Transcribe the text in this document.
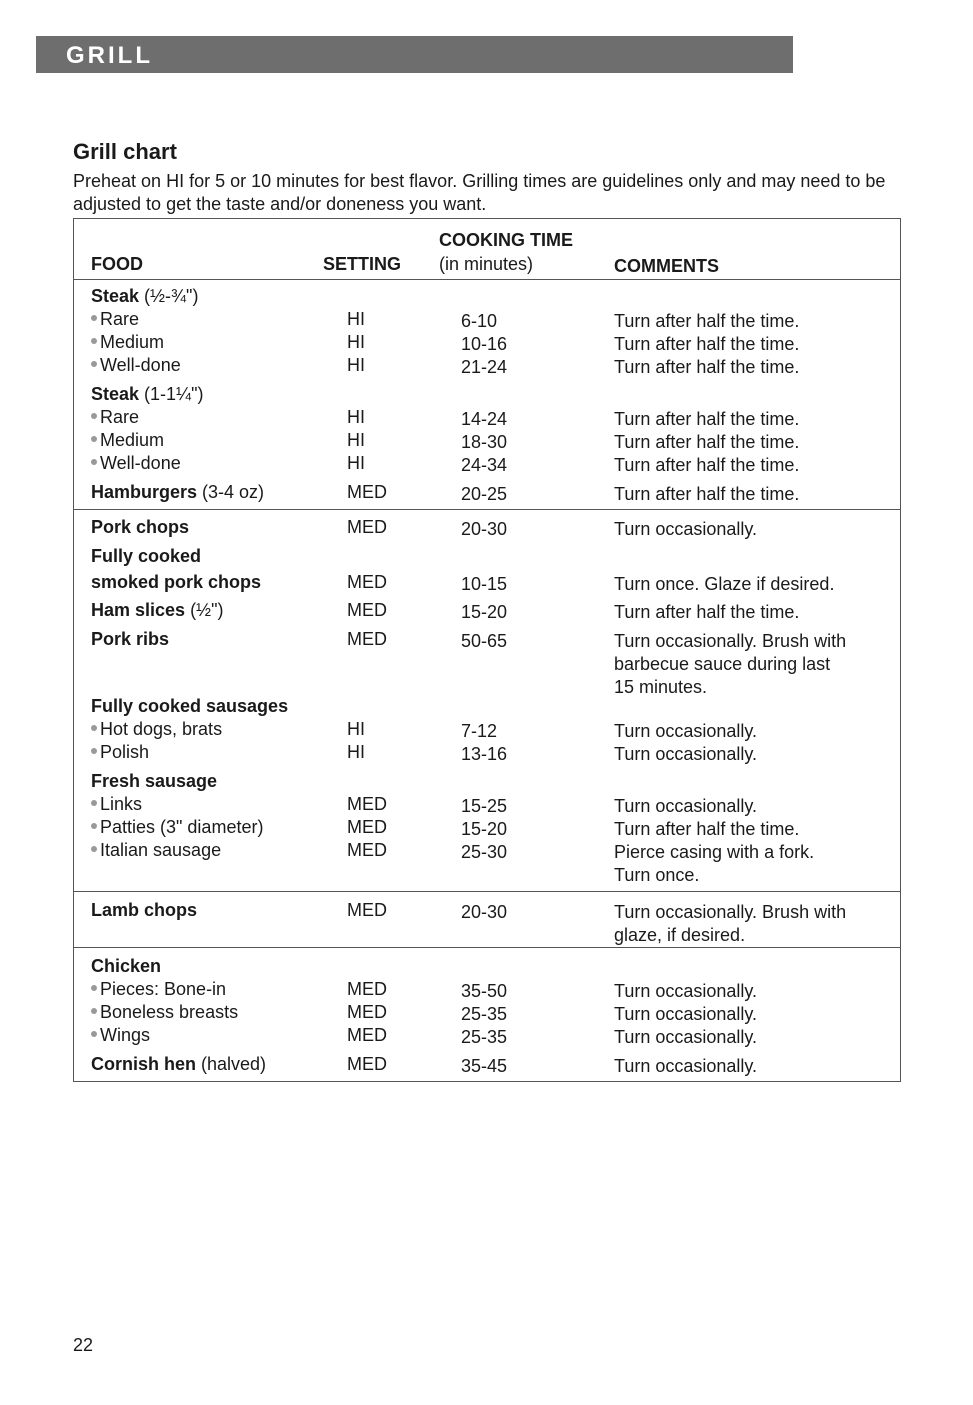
GRILL
Grill chart
Preheat on HI for 5 or 10 minutes for best flavor. Grilling times are guidelines only and may need to be adjusted to get the taste and/or doneness you want.
FOOD	SETTING
COOKING TIME
(in minutes)	COMMENTS
Steak (½-¾")
Rare	HI	6-10	Turn after half the time.
Medium	HI	10-16	Turn after half the time.
Well-done	HI	21-24	Turn after half the time.
Steak (1-1¼")
Rare	HI	14-24	Turn after half the time.
Medium	HI	18-30	Turn after half the time.
Well-done	HI	24-34	Turn after half the time.
Hamburgers (3-4 oz)	MED	20-25	Turn after half the time.
Pork chops	MED	20-30	Turn occasionally.
Fully cooked
smoked pork chops	MED	10-15	Turn once. Glaze if desired.
Ham slices (½")	MED	15-20	Turn after half the time.
Pork ribs	MED	50-65	Turn occasionally. Brush with
barbecue sauce during last
15 minutes.
Fully cooked sausages
Hot dogs, brats	HI	7-12	Turn occasionally.
Polish	HI	13-16	Turn occasionally.
Fresh sausage
Links	MED	15-25	Turn occasionally.
Patties (3" diameter)	MED	15-20	Turn after half the time.
Italian sausage	MED	25-30	Pierce casing with a fork.
Turn once.
Lamb chops	MED	20-30	Turn occasionally. Brush with
glaze, if desired.
Chicken
Pieces: Bone-in	MED	35-50	Turn occasionally.
Boneless breasts	MED	25-35	Turn occasionally.
Wings	MED	25-35	Turn occasionally.
Cornish hen (halved)	MED	35-45	Turn occasionally.
22
